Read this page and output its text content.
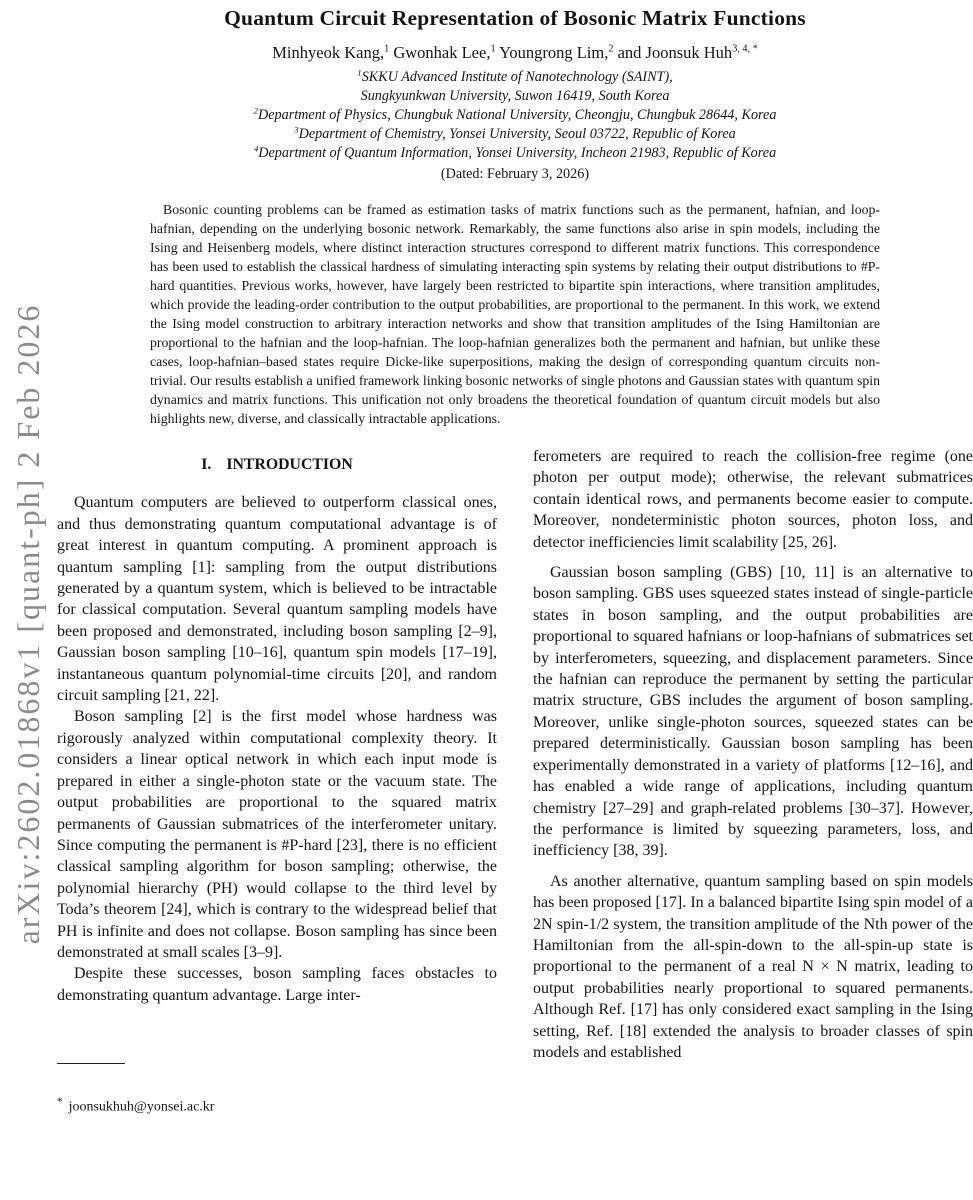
arXiv:2602.01868v1 [quant-ph] 2 Feb 2026
Quantum Circuit Representation of Bosonic Matrix Functions
Minhyeok Kang,$^1$ Gwonhak Lee,$^1$ Youngrong Lim,$^2$ and Joonsuk Huh$^{3, 4, *}$
$^1$SKKU Advanced Institute of Nanotechnology (SAINT),
Sungkyunkwan University, Suwon 16419, South Korea
$^2$Department of Physics, Chungbuk National University, Cheongju, Chungbuk 28644, Korea
$^3$Department of Chemistry, Yonsei University, Seoul 03722, Republic of Korea
$^4$Department of Quantum Information, Yonsei University, Incheon 21983, Republic of Korea
(Dated: February 3, 2026)
Bosonic counting problems can be framed as estimation tasks of matrix functions such as the permanent, hafnian, and loop-hafnian, depending on the underlying bosonic network. Remarkably, the same functions also arise in spin models, including the Ising and Heisenberg models, where distinct interaction structures correspond to different matrix functions. This correspondence has been used to establish the classical hardness of simulating interacting spin systems by relating their output distributions to #P-hard quantities. Previous works, however, have largely been restricted to bipartite spin interactions, where transition amplitudes, which provide the leading-order contribution to the output probabilities, are proportional to the permanent. In this work, we extend the Ising model construction to arbitrary interaction networks and show that transition amplitudes of the Ising Hamiltonian are proportional to the hafnian and the loop-hafnian. The loop-hafnian generalizes both the permanent and hafnian, but unlike these cases, loop-hafnian–based states require Dicke-like superpositions, making the design of corresponding quantum circuits non-trivial. Our results establish a unified framework linking bosonic networks of single photons and Gaussian states with quantum spin dynamics and matrix functions. This unification not only broadens the theoretical foundation of quantum circuit models but also highlights new, diverse, and classically intractable applications.
I. INTRODUCTION

Quantum computers are believed to outperform classical ones, and thus demonstrating quantum computational advantage is of great interest in quantum computing. A prominent approach is quantum sampling [1]: sampling from the output distributions generated by a quantum system, which is believed to be intractable for classical computation. Several quantum sampling models have been proposed and demonstrated, including boson sampling [2–9], Gaussian boson sampling [10–16], quantum spin models [17–19], instantaneous quantum polynomial-time circuits [20], and random circuit sampling [21, 22].

Boson sampling [2] is the first model whose hardness was rigorously analyzed within computational complexity theory. It considers a linear optical network in which each input mode is prepared in either a single-photon state or the vacuum state. The output probabilities are proportional to the squared matrix permanents of Gaussian submatrices of the interferometer unitary. Since computing the permanent is #P-hard [23], there is no efficient classical sampling algorithm for boson sampling; otherwise, the polynomial hierarchy (PH) would collapse to the third level by Toda’s theorem [24], which is contrary to the widespread belief that PH is infinite and does not collapse. Boson sampling has since been demonstrated at small scales [3–9].

Despite these successes, boson sampling faces obstacles to demonstrating quantum advantage. Large inter-

* joonsukhuh@yonsei.ac.kr

ferometers are required to reach the collision-free regime (one photon per output mode); otherwise, the relevant submatrices contain identical rows, and permanents become easier to compute. Moreover, nondeterministic photon sources, photon loss, and detector inefficiencies limit scalability [25, 26].

Gaussian boson sampling (GBS) [10, 11] is an alternative to boson sampling. GBS uses squeezed states instead of single-particle states in boson sampling, and the output probabilities are proportional to squared hafnians or loop-hafnians of submatrices set by interferometers, squeezing, and displacement parameters. Since the hafnian can reproduce the permanent by setting the particular matrix structure, GBS includes the argument of boson sampling. Moreover, unlike single-photon sources, squeezed states can be prepared deterministically. Gaussian boson sampling has been experimentally demonstrated in a variety of platforms [12–16], and has enabled a wide range of applications, including quantum chemistry [27–29] and graph-related problems [30–37]. However, the performance is limited by squeezing parameters, loss, and inefficiency [38, 39].

As another alternative, quantum sampling based on spin models has been proposed [17]. In a balanced bipartite Ising spin model of a 2N spin-1/2 system, the transition amplitude of the Nth power of the Hamiltonian from the all-spin-down to the all-spin-up state is proportional to the permanent of a real N × N matrix, leading to output probabilities nearly proportional to squared permanents. Although Ref. [17] has only considered exact sampling in the Ising setting, Ref. [18] extended the analysis to broader classes of spin models and established
